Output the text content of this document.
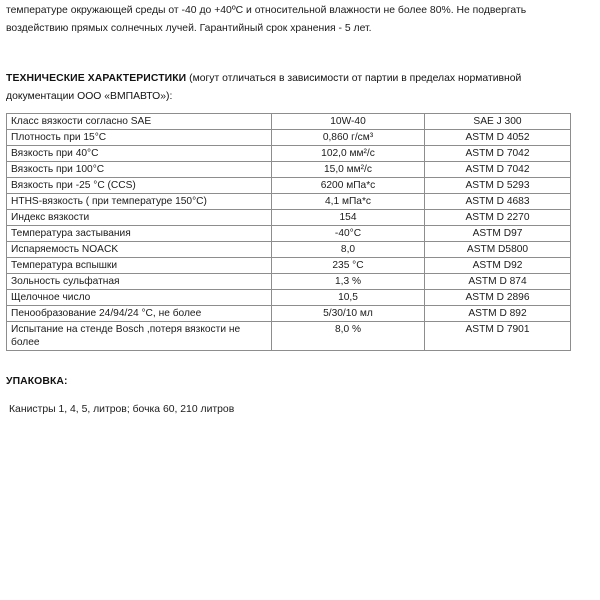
температуре окружающей среды от -40 до +40ºC и относительной влажности не более 80%. Не подвергать
воздействию прямых солнечных лучей. Гарантийный срок хранения - 5 лет.
ТЕХНИЧЕСКИЕ ХАРАКТЕРИСТИКИ (могут отличаться в зависимости от партии в пределах нормативной
документации ООО «ВМПАВТО»):
Класс вязкости согласно SAE	10W-40	SAE J 300
Плотность при 15°C	0,860 г/см³	ASTM D 4052
Вязкость при 40°C	102,0 мм²/с	ASTM D 7042
Вязкость при 100°C	15,0 мм²/с	ASTM D 7042
Вязкость при -25 °C (CCS)	6200 мПа*с	ASTM D 5293
HTHS-вязкость ( при температуре 150°C)	4,1 мПа*с	ASTM D 4683
Индекс вязкости	154	ASTM D 2270
Температура застывания	-40°C	ASTM D97
Испаряемость NOACK	8,0	ASTM D5800
Температура вспышки	235 °C	ASTM D92
Зольность сульфатная	1,3 %	ASTM D 874
Щелочное число	10,5	ASTM D 2896
Пенообразование 24/94/24 °C, не более	5/30/10 мл	ASTM D 892
Испытание на стенде Bosch ,потеря вязкости не более	8,0 %	ASTM D 7901
УПАКОВКА:
Канистры 1, 4, 5, литров; бочка 60, 210 литров
